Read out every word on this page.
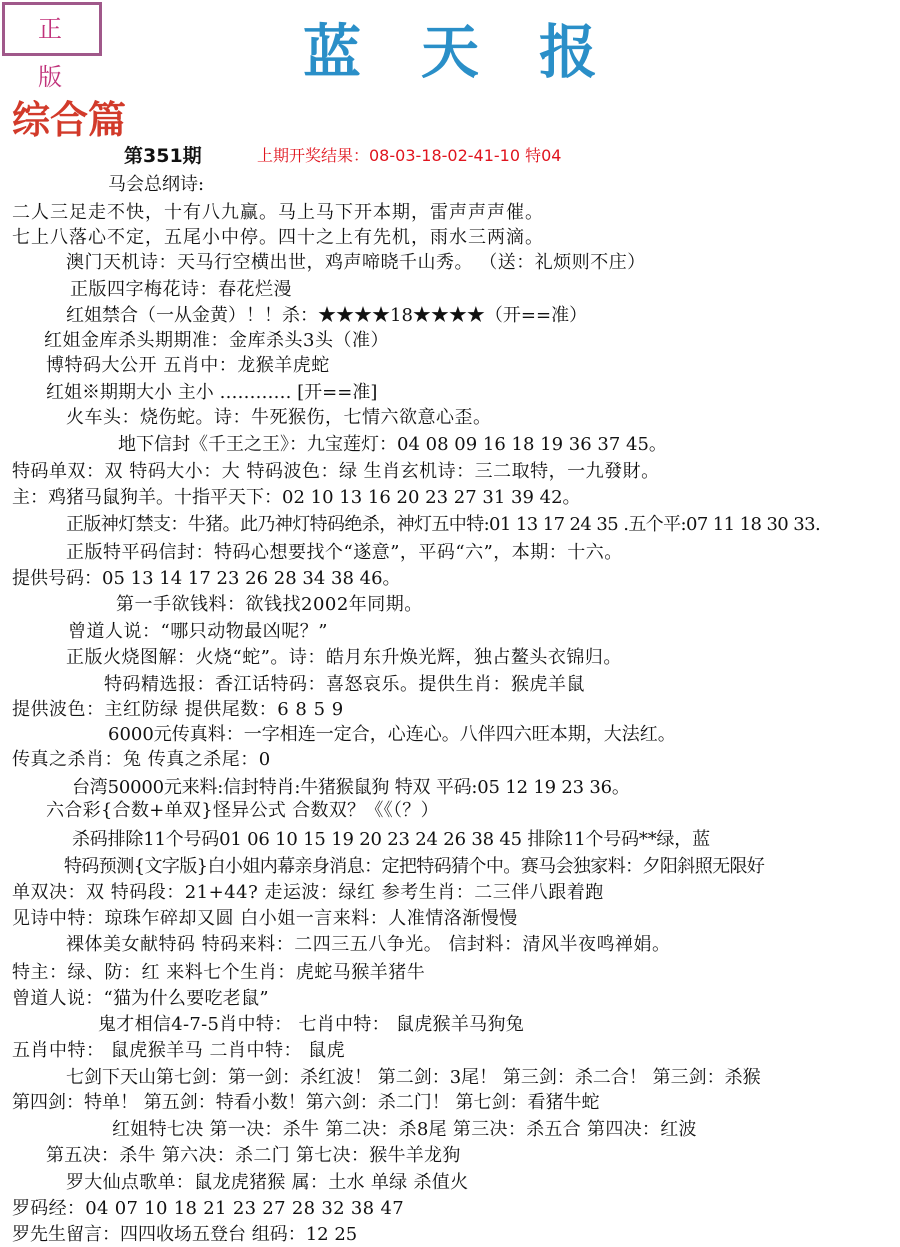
正 版	蓝天报
综合篇
第351期	上期开奖结果：08-03-18-02-41-10 特04
马会总纲诗:
二人三足走不快，十有八九赢。马上马下开本期，雷声声声催。
七上八落心不定，五尾小中停。四十之上有先机，雨水三两滴。
澳门天机诗：天马行空横出世，鸡声啼晓千山秀。 （送：礼烦则不庄）
正版四字梅花诗：春花烂漫
红姐禁合（一从金黄）！！杀：★★★★18★★★★（开==准）
红姐金库杀头期期准：金库杀头3头（准）
博特码大公开 五肖中：龙猴羊虎蛇
红姐※期期大小 主小 ………… [开==准]
火车头：烧伤蛇。诗：牛死猴伤，七情六欲意心歪。
地下信封《千王之王》：九宝莲灯：04 08 09 16 18 19 36 37 45。
特码单双：双 特码大小：大 特码波色：绿 生肖玄机诗：三二取特，一九發財。
主：鸡猪马鼠狗羊。十指平天下：02 10 13 16 20 23 27 31 39 42。
正版神灯禁支：牛猪。此乃神灯特码绝杀，神灯五中特:01 13 17 24 35 .五个平:07 11 18 30 33.
正版特平码信封：特码心想要找个“遂意”，平码“六”，本期：十六。
提供号码：05 13 14 17 23 26 28 34 38 46。
第一手欲钱料：欲钱找2002年同期。
曾道人说：“哪只动物最凶呢？”
正版火烧图解：火烧“蛇”。诗：皓月东升焕光辉，独占鳌头衣锦归。
特码精选报：香江话特码：喜怒哀乐。提供生肖：猴虎羊鼠
提供波色：主红防绿 提供尾数：6 8 5 9
6000元传真料：一字相连一定合，心连心。八伴四六旺本期，大法红。
传真之杀肖：兔 传真之杀尾：0
台湾50000元来料:信封特肖:牛猪猴鼠狗 特双 平码:05 12 19 23 36。
六合彩{合数+单双}怪异公式 合数双？《《（？）
杀码排除11个号码01 06 10 15 19 20 23 24 26 38 45 排除11个号码**绿，蓝
特码预测{文字版}白小姐内幕亲身消息：定把特码猜个中。赛马会独家料：夕阳斜照无限好
单双决：双 特码段：21+44? 走运波：绿红 参考生肖：二三伴八跟着跑
见诗中特：琼珠乍碎却又圆 白小姐一言来料：人准情洛渐慢慢
裸体美女献特码 特码来料：二四三五八争光。 信封料：清风半夜鸣禅娟。
特主：绿、防：红 来料七个生肖：虎蛇马猴羊猪牛
曾道人说：“猫为什么要吃老鼠”
鬼才相信4-7-5肖中特： 七肖中特： 鼠虎猴羊马狗兔
五肖中特： 鼠虎猴羊马 二肖中特： 鼠虎
七剑下天山第七剑：第一剑：杀红波！ 第二剑：3尾！ 第三剑：杀二合！ 第三剑：杀猴
第四剑：特单！ 第五剑：特看小数！第六剑：杀二门！ 第七剑：看猪牛蛇
红姐特七决 第一决：杀牛 第二决：杀8尾 第三决：杀五合 第四决：红波
第五决：杀牛 第六决：杀二门 第七决：猴牛羊龙狗
罗大仙点歌单：鼠龙虎猪猴 属：土水 单绿 杀值火
罗码经：04 07 10 18 21 23 27 28 32 38 47
罗先生留言：四四收场五登台 组码：12 25
